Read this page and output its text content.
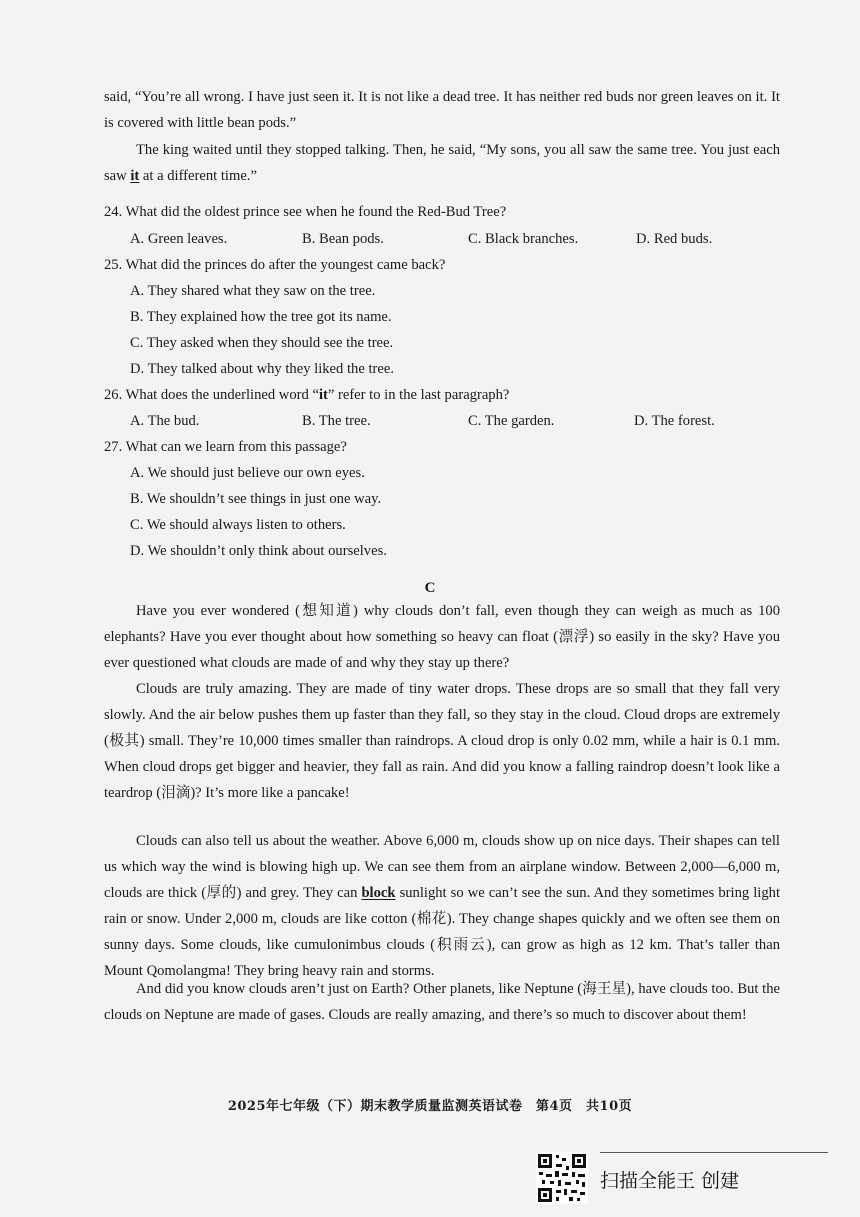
said, “You’re all wrong. I have just seen it. It is not like a dead tree. It has neither red buds nor green leaves on it. It is covered with little bean pods.”

The king waited until they stopped talking. Then, he said, “My sons, you all saw the same tree. You just each saw it at a different time.”

24. What did the oldest prince see when he found the Red-Bud Tree?

A. Green leaves.	B. Bean pods.	C. Black branches.	D. Red buds.

25. What did the princes do after the youngest came back?

A. They shared what they saw on the tree.
B. They explained how the tree got its name.
C. They asked when they should see the tree.
D. They talked about why they liked the tree.

26. What does the underlined word “it” refer to in the last paragraph?

A. The bud.	B. The tree.	C. The garden.	D. The forest.

27. What can we learn from this passage?

A. We should just believe our own eyes.
B. We shouldn’t see things in just one way.
C. We should always listen to others.
D. We shouldn’t only think about ourselves.
C

Have you ever wondered (想知道) why clouds don’t fall, even though they can weigh as much as 100 elephants? Have you ever thought about how something so heavy can float (漂浮) so easily in the sky? Have you ever questioned what clouds are made of and why they stay up there?

Clouds are truly amazing. They are made of tiny water drops. These drops are so small that they fall very slowly. And the air below pushes them up faster than they fall, so they stay in the cloud. Cloud drops are extremely (极其) small. They’re 10,000 times smaller than raindrops. A cloud drop is only 0.02 mm, while a hair is 0.1 mm. When cloud drops get bigger and heavier, they fall as rain. And did you know a falling raindrop doesn’t look like a teardrop (泪滴)? It’s more like a pancake!

Clouds can also tell us about the weather. Above 6,000 m, clouds show up on nice days. Their shapes can tell us which way the wind is blowing high up. We can see them from an airplane window. Between 2,000—6,000 m, clouds are thick (厚的) and grey. They can block sunlight so we can’t see the sun. And they sometimes bring light rain or snow. Under 2,000 m, clouds are like cotton (棉花). They change shapes quickly and we often see them on sunny days. Some clouds, like cumulonimbus clouds (积雨云), can grow as high as 12 km. That’s taller than Mount Qomolangma! They bring heavy rain and storms.

And did you know clouds aren’t just on Earth? Other planets, like Neptune (海王星), have clouds too. But the clouds on Neptune are made of gases. Clouds are really amazing, and there’s so much to discover about them!

2025年七年级（下）期末教学质量监测英语试卷　第4页　共10页
扫描全能王 创建
